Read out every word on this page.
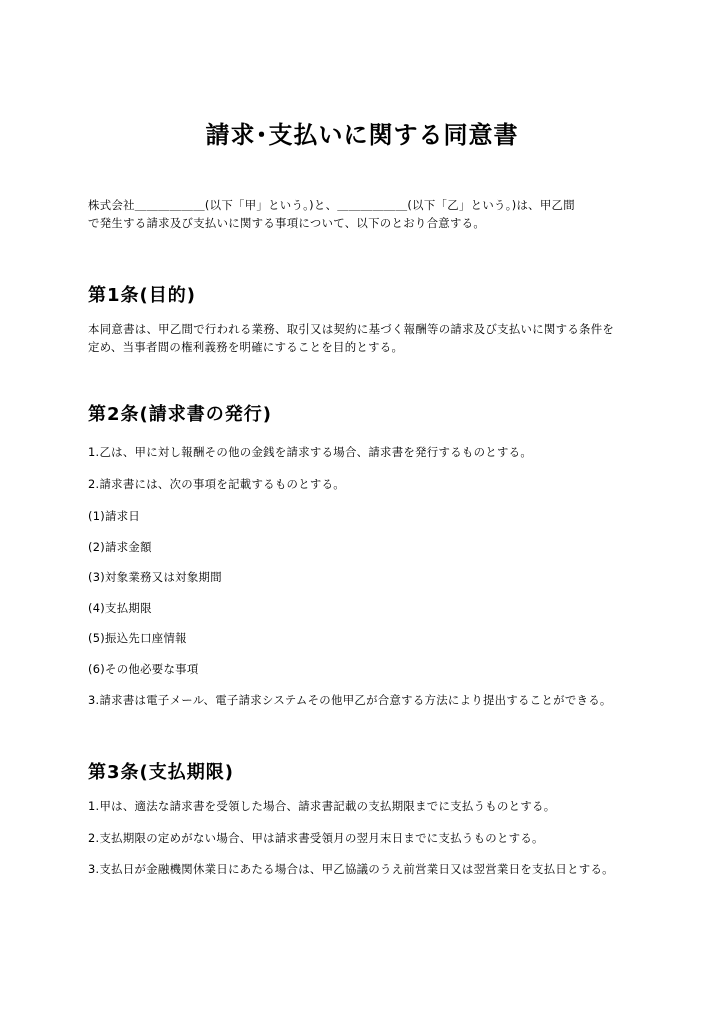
請求･支払いに関する同意書
株式会社＿＿＿＿＿＿(以下「甲」という。)と、＿＿＿＿＿＿(以下「乙」という。)は、甲乙間
で発生する請求及び支払いに関する事項について、以下のとおり合意する。
第1条(目的)
本同意書は、甲乙間で行われる業務、取引又は契約に基づく報酬等の請求及び支払いに関する条件を
定め、当事者間の権利義務を明確にすることを目的とする。
第2条(請求書の発行)
1.乙は、甲に対し報酬その他の金銭を請求する場合、請求書を発行するものとする。
2.請求書には、次の事項を記載するものとする。
(1)請求日
(2)請求金額
(3)対象業務又は対象期間
(4)支払期限
(5)振込先口座情報
(6)その他必要な事項
3.請求書は電子メール、電子請求システムその他甲乙が合意する方法により提出することができる。
第3条(支払期限)
1.甲は、適法な請求書を受領した場合、請求書記載の支払期限までに支払うものとする。
2.支払期限の定めがない場合、甲は請求書受領月の翌月末日までに支払うものとする。
3.支払日が金融機関休業日にあたる場合は、甲乙協議のうえ前営業日又は翌営業日を支払日とする。
